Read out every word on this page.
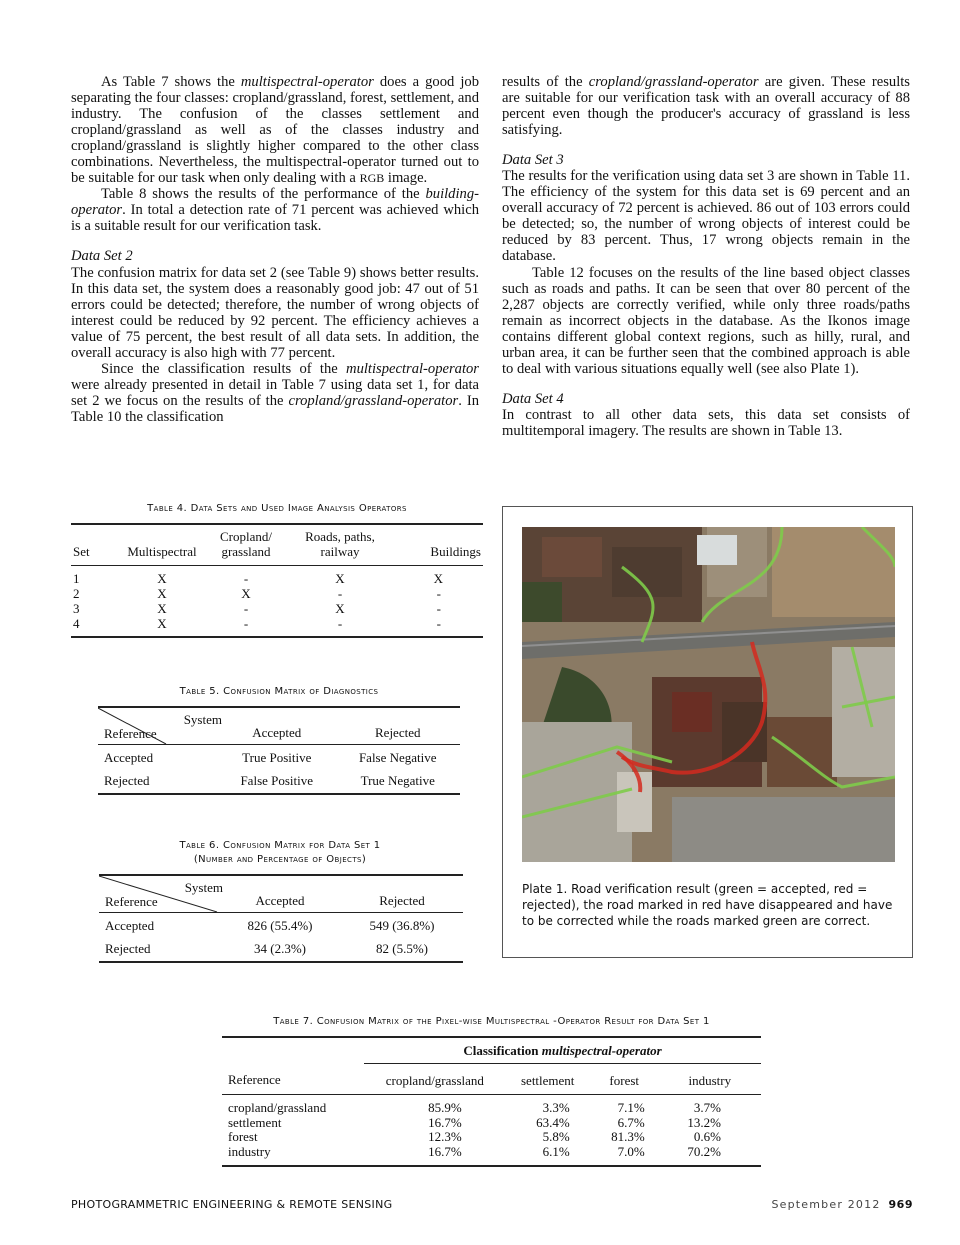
As Table 7 shows the multispectral-operator does a good job separating the four classes: cropland/grassland, forest, settlement, and industry. The confusion of the classes settlement and cropland/grassland as well as of the classes industry and cropland/grassland is slightly higher compared to the other class combinations. Nevertheless, the multispectral-operator turned out to be suitable for our task when only dealing with a RGB image.

Table 8 shows the results of the performance of the building-operator. In total a detection rate of 71 percent was achieved which is a suitable result for our verification task.

Data Set 2

The confusion matrix for data set 2 (see Table 9) shows better results. In this data set, the system does a reasonably good job: 47 out of 51 errors could be detected; therefore, the number of wrong objects of interest could be reduced by 92 percent. The efficiency achieves a value of 75 percent, the best result of all data sets. In addition, the overall accuracy is also high with 77 percent.

Since the classification results of the multispectral-operator were already presented in detail in Table 7 using data set 1, for data set 2 we focus on the results of the cropland/grassland-operator. In Table 10 the classification

results of the cropland/grassland-operator are given. These results are suitable for our verification task with an overall accuracy of 88 percent even though the producer's accuracy of grassland is less satisfying.

Data Set 3

The results for the verification using data set 3 are shown in Table 11. The efficiency of the system for this data set is 69 percent and an overall accuracy of 72 percent is achieved. 86 out of 103 errors could be detected; so, the number of wrong objects of interest could be reduced by 83 percent. Thus, 17 wrong objects remain in the database.

Table 12 focuses on the results of the line based object classes such as roads and paths. It can be seen that over 80 percent of the 2,287 objects are correctly verified, while only three roads/paths remain as incorrect objects in the database. As the Ikonos image contains different global context regions, such as hilly, rural, and urban area, it can be further seen that the combined approach is able to deal with various situations equally well (see also Plate 1).

Data Set 4

In contrast to all other data sets, this data set consists of multitemporal imagery. The results are shown in Table 13.

Table 4. Data Sets and Used Image Analysis Operators
Set	Multispectral	Cropland/ grassland	Roads, paths, railway	Buildings
1	X	-	X	X
2	X	X	-	-
3	X	-	X	-
4	X	-	-	-
Table 5. Confusion Matrix of Diagnostics
System
Reference	Accepted	Rejected
Accepted	True Positive	False Negative
Rejected	False Positive	True Negative
Table 6. Confusion Matrix for Data Set 1
(Number and Percentage of Objects)
System
Reference	Accepted	Rejected
Accepted	826 (55.4%)	549 (36.8%)
Rejected	34 (2.3%)	82 (5.5%)
Plate 1. Road verification result (green = accepted, red = rejected), the road marked in red have disappeared and have to be corrected while the roads marked green are correct.
Table 7. Confusion Matrix of the Pixel-wise Multispectral -Operator Result for Data Set 1
	Classification multispectral-operator			
Reference	cropland/grassland	settlement	forest	industry
cropland/grassland	85.9%	3.3%	7.1%	3.7%
settlement	16.7%	63.4%	6.7%	13.2%
forest	12.3%	5.8%	81.3%	0.6%
industry	16.7%	6.1%	7.0%	70.2%
PHOTOGRAMMETRIC ENGINEERING & REMOTE SENSING	September 2012 969
